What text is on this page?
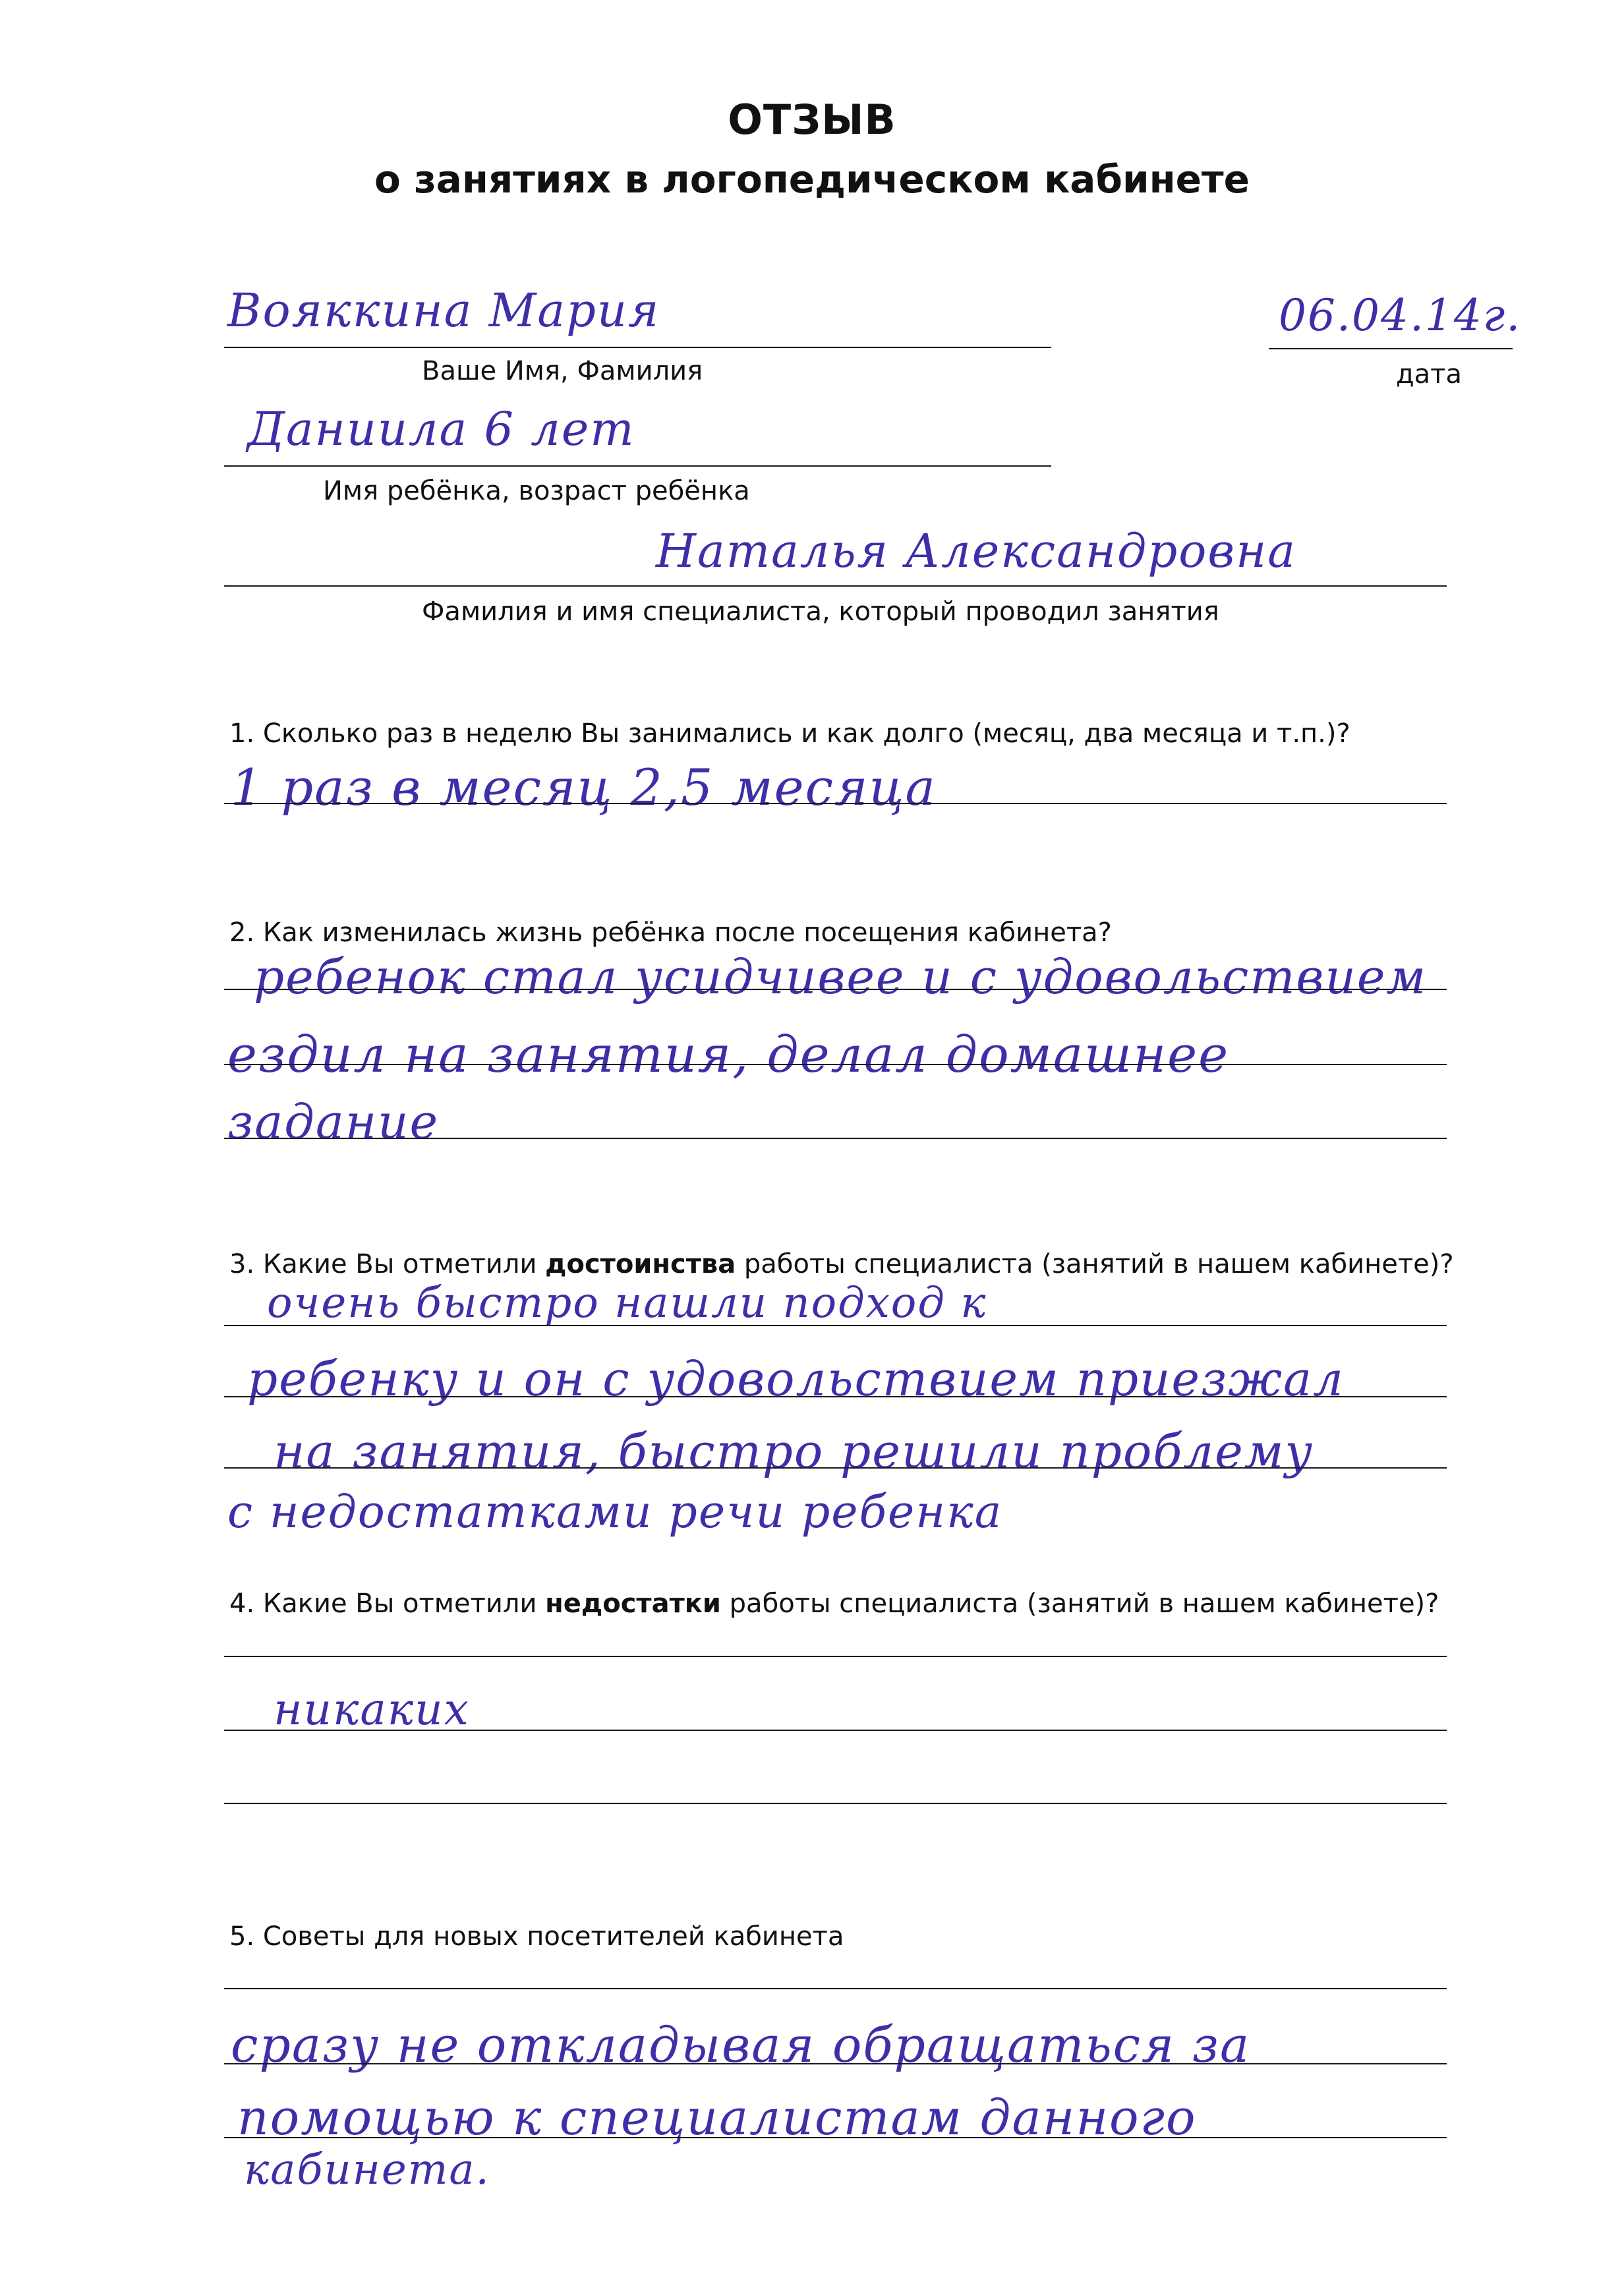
ОТЗЫВ
о занятиях в логопедическом кабинете
Вояккина Мария
Ваше Имя, Фамилия
06.04.14г.
дата
Даниила 6 лет
Имя ребёнка, возраст ребёнка
Наталья Александровна
Фамилия и имя специалиста, который проводил занятия
1. Сколько раз в неделю Вы занимались и как долго (месяц, два месяца и т.п.)?
1 раз в месяц 2,5 месяца
2. Как изменилась жизнь ребёнка после посещения кабинета?
ребенок стал усидчивее и с удовольствием
ездил на занятия, делал домашнее
задание
3. Какие Вы отметили достоинства работы специалиста (занятий в нашем кабинете)?
очень быстро нашли подход к
ребенку и он с удовольствием приезжал
на занятия, быстро решили проблему
с недостатками речи ребенка
4. Какие Вы отметили недостатки работы специалиста (занятий в нашем кабинете)?
никаких
5. Советы для новых посетителей кабинета
сразу не откладывая обращаться за
помощью к специалистам данного
кабинета.
